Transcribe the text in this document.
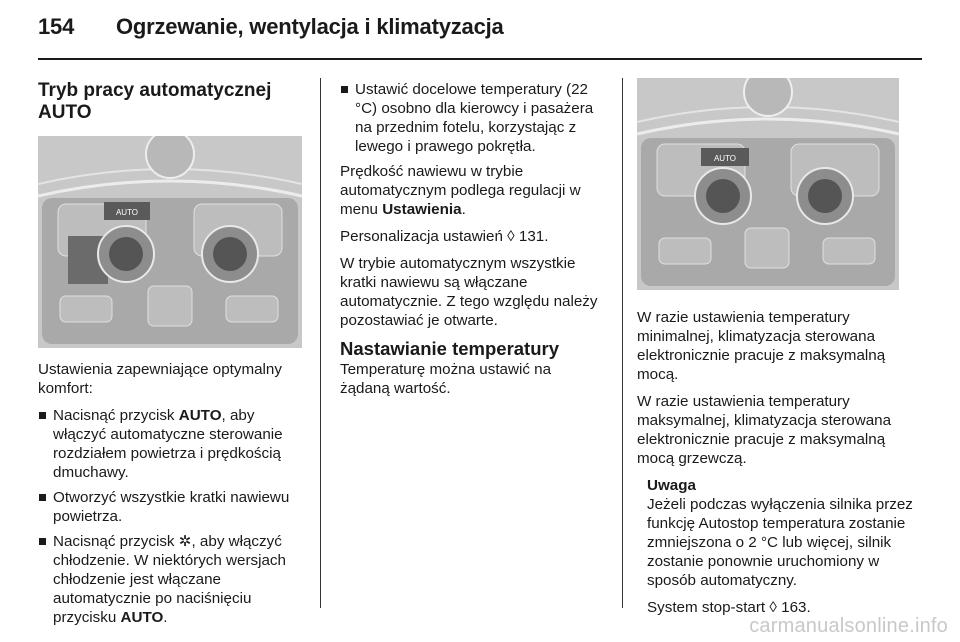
154 Ogrzewanie, wentylacja i klimatyzacja
Tryb pracy automatycznej
AUTO
AUTO

Ustawienia zapewniające optymalny komfort:

Nacisnąć przycisk AUTO, aby włączyć automatyczne sterowanie rozdziałem powietrza i prędkością dmuchawy.
Otworzyć wszystkie kratki nawiewu powietrza.
Nacisnąć przycisk ✲, aby włączyć chłodzenie. W niektórych wersjach chłodzenie jest włączane automatycznie po naciśnięciu przycisku AUTO.
Ustawić docelowe temperatury (22 °C) osobno dla kierowcy i pasażera na przednim fotelu, korzystając z lewego i prawego pokrętła.

Prędkość nawiewu w trybie automatycznym podlega regulacji w menu Ustawienia.

Personalizacja ustawień ◊ 131.

W trybie automatycznym wszystkie kratki nawiewu są włączane automatycznie. Z tego względu należy pozostawiać je otwarte.

Nastawianie temperatury

Temperaturę można ustawić na żądaną wartość.

AUTO

W razie ustawienia temperatury minimalnej, klimatyzacja sterowana elektronicznie pracuje z maksymalną mocą.

W razie ustawienia temperatury maksymalnej, klimatyzacja sterowana elektronicznie pracuje z maksymalną mocą grzewczą.

Uwaga

Jeżeli podczas wyłączenia silnika przez funkcję Autostop temperatura zostanie zmniejszona o 2 °C lub więcej, silnik zostanie ponownie uruchomiony w sposób automatyczny.

System stop-start ◊ 163.

carmanualsonline.info
